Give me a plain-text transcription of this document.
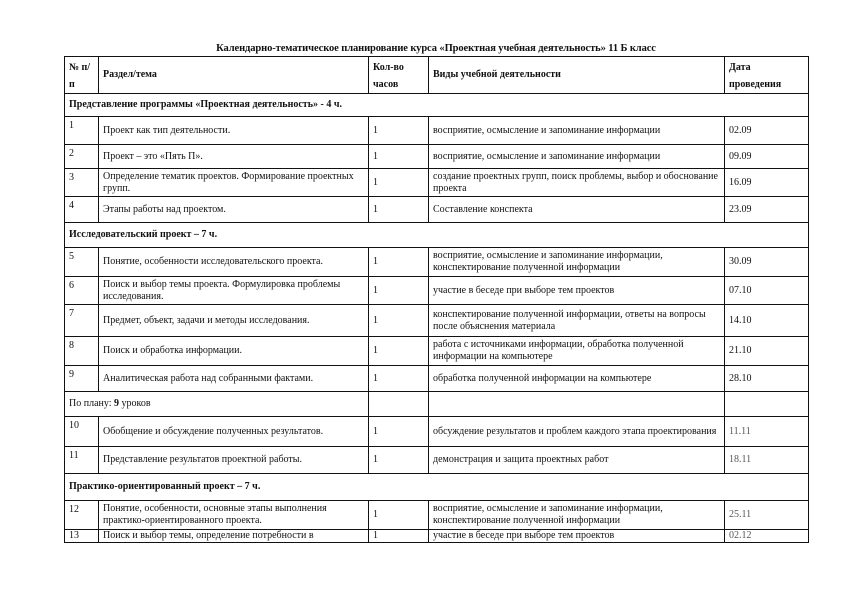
Календарно-тематическое планирование курса «Проектная учебная деятельность» 11 Б класс
№ п/п	Раздел/тема	Кол-во часов	Виды учебной деятельности	Дата проведения
Представление программы «Проектная деятельность» - 4 ч.				
1	Проект как тип деятельности.	1	восприятие, осмысление и запоминание информации	02.09
2	Проект – это «Пять П».	1	восприятие, осмысление и запоминание информации	09.09
3	Определение тематик проектов. Формирование проектных групп.	1	создание проектных групп, поиск проблемы, выбор и обоснование проекта	16.09
4	Этапы работы над проектом.	1	Составление конспекта	23.09
Исследовательский проект – 7 ч.				
5	Понятие, особенности исследовательского проекта.	1	восприятие, осмысление и запоминание информации, конспектирование полученной информации	30.09
6	Поиск и выбор темы проекта. Формулировка проблемы исследования.	1	участие в беседе при выборе тем проектов	07.10
7	Предмет, объект, задачи и методы исследования.	1	конспектирование полученной информации, ответы на вопросы после объяснения материала	14.10
8	Поиск и обработка информации.	1	работа с источниками информации, обработка полученной информации на компьютере	21.10
9	Аналитическая работа над собранными фактами.	1	обработка полученной информации на компьютере	28.10
По плану: 9 уроков				
10	Обобщение и обсуждение полученных результатов.	1	обсуждение результатов и проблем каждого этапа проектирования	11.11
11	Представление результатов проектной работы.	1	демонстрация и защита проектных работ	18.11
Практико-ориентированный проект – 7 ч.				
12	Понятие, особенности, основные этапы выполнения практико-ориентированного проекта.	1	восприятие, осмысление и запоминание информации, конспектирование полученной информации	25.11
13	Поиск и выбор темы, определение потребности в	1	участие в беседе при выборе тем проектов	02.12
